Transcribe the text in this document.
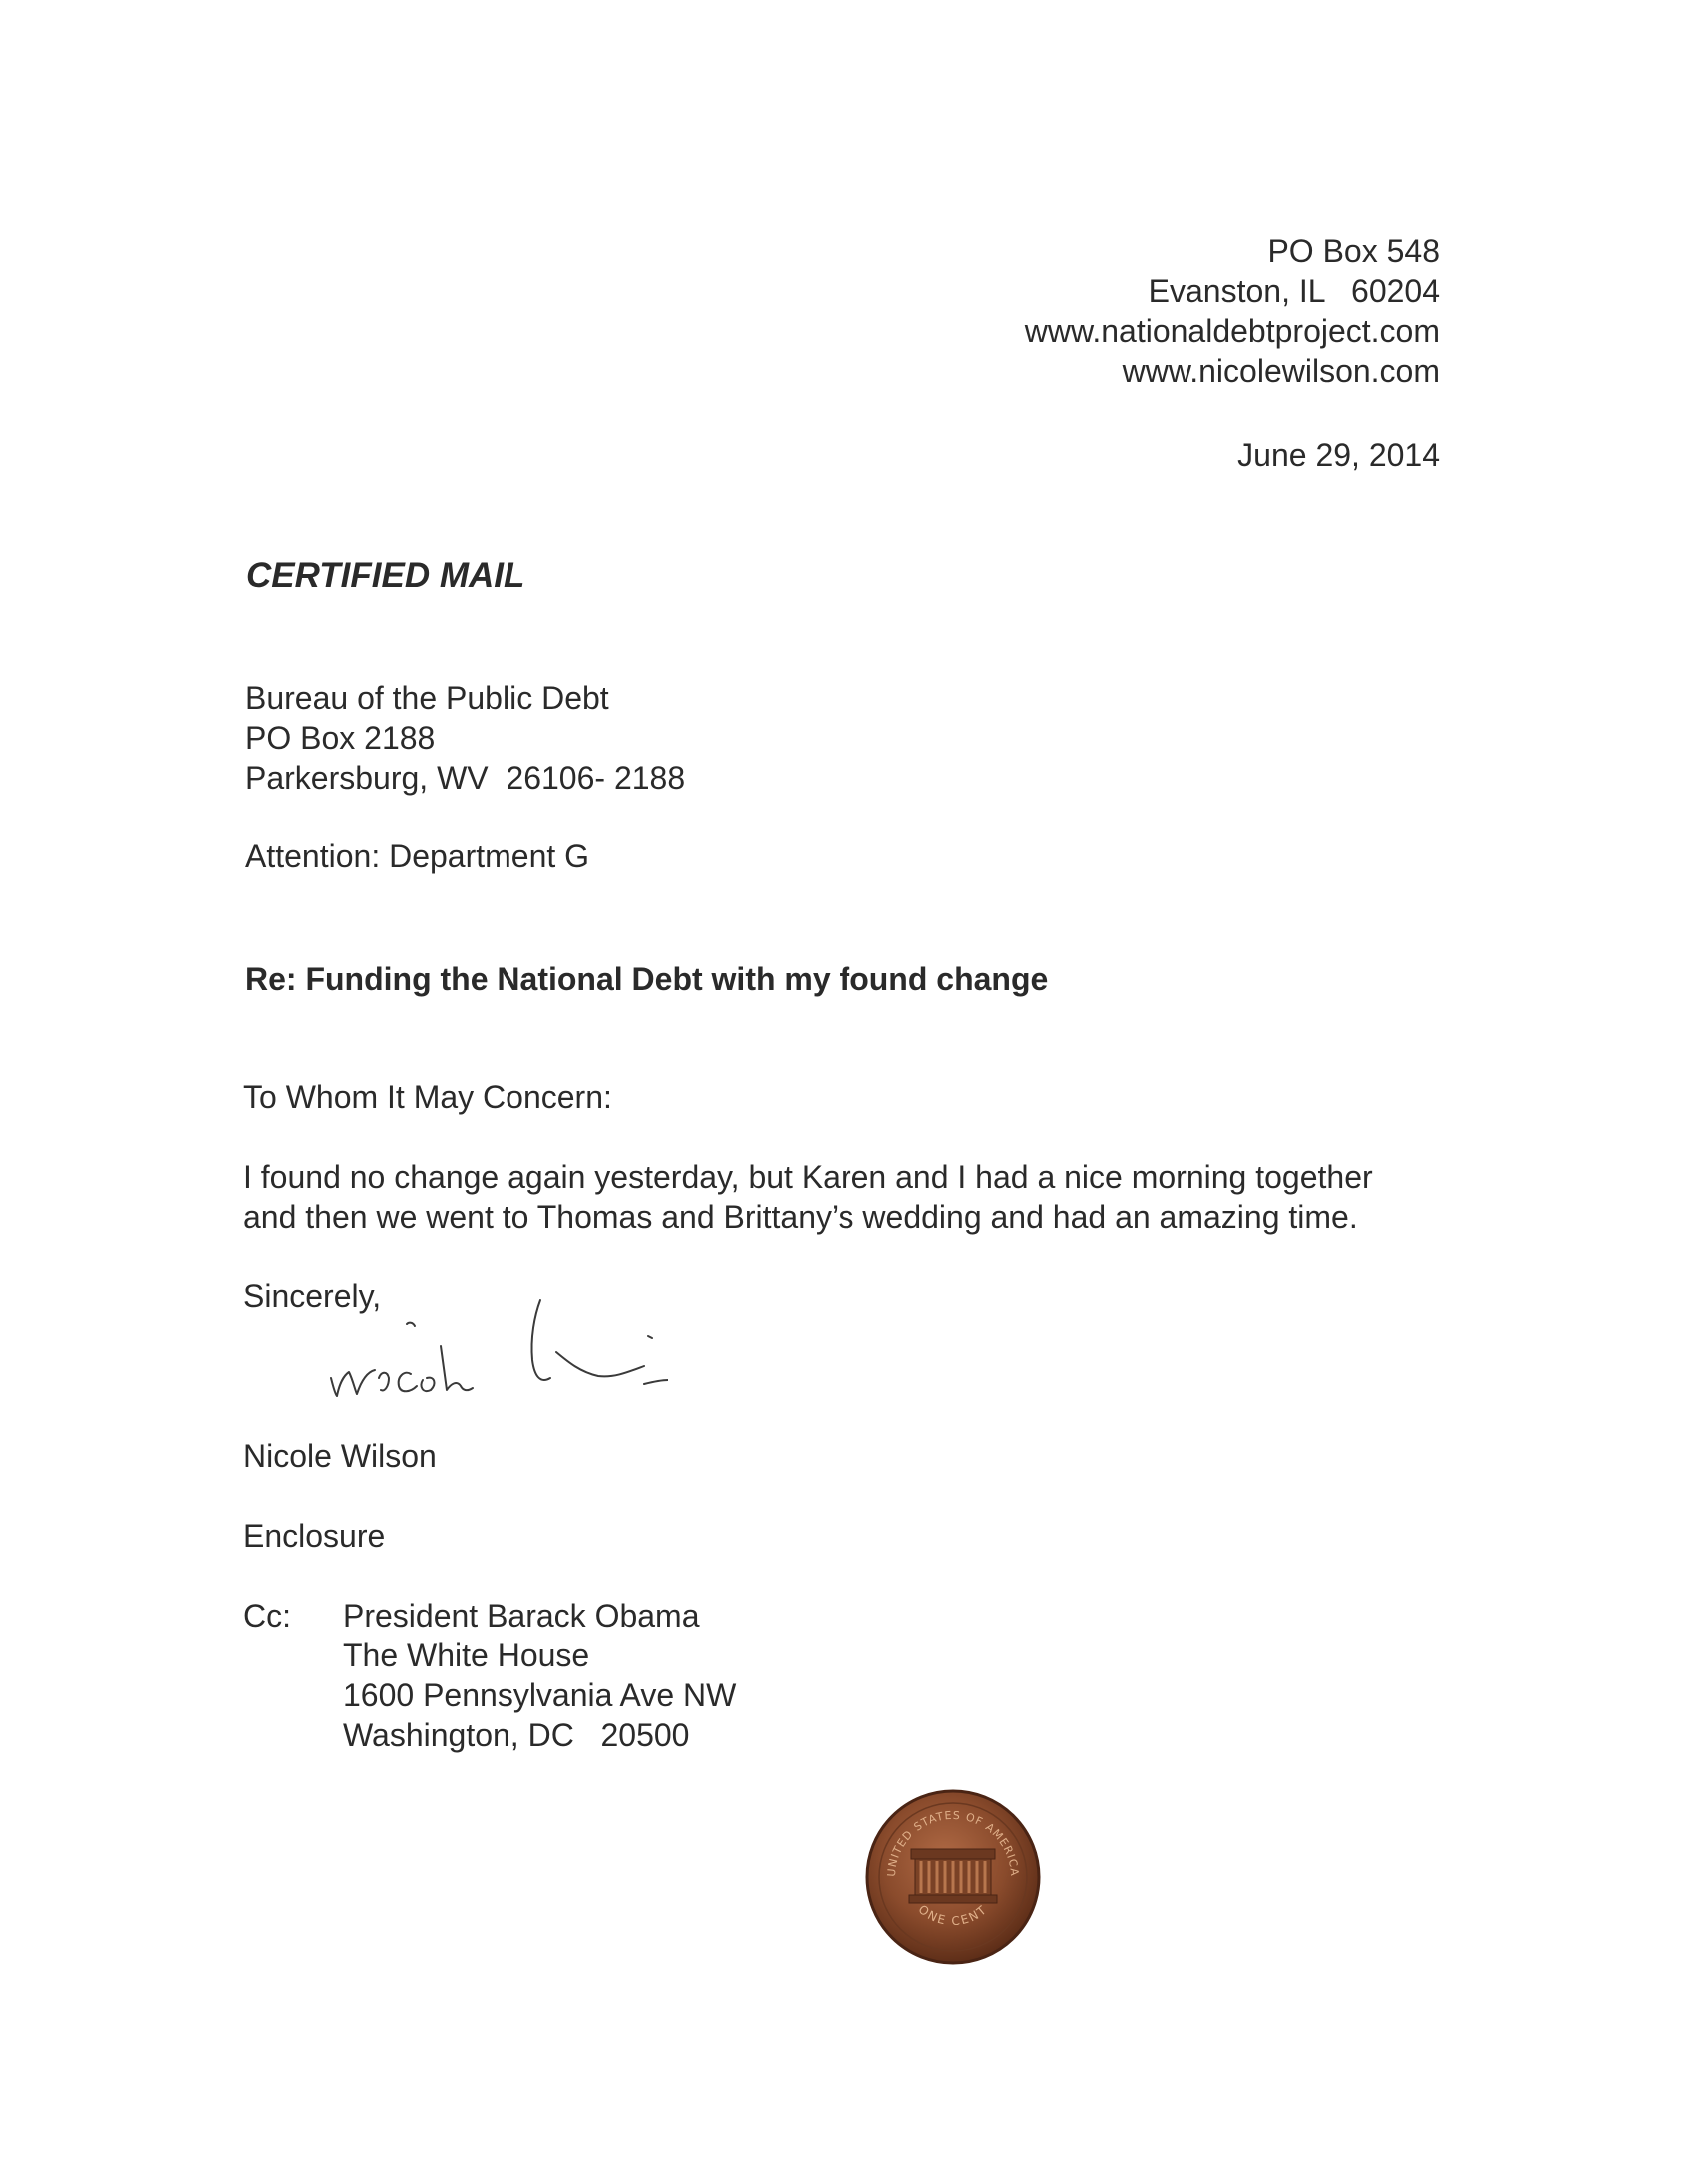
PO Box 548
Evanston, IL   60204
www.nationaldebtproject.com
www.nicolewilson.com
June 29, 2014
CERTIFIED MAIL
Bureau of the Public Debt
PO Box 2188
Parkersburg, WV  26106- 2188
Attention: Department G
Re: Funding the National Debt with my found change
To Whom It May Concern:
I found no change again yesterday, but Karen and I had a nice morning together
and then we went to Thomas and Brittany’s wedding and had an amazing time.
Sincerely,
Nicole Wilson
Enclosure
Cc: President Barack Obama
The White House
1600 Pennsylvania Ave NW
Washington, DC   20500
UNITED STATES OF AMERICA
ONE CENT
